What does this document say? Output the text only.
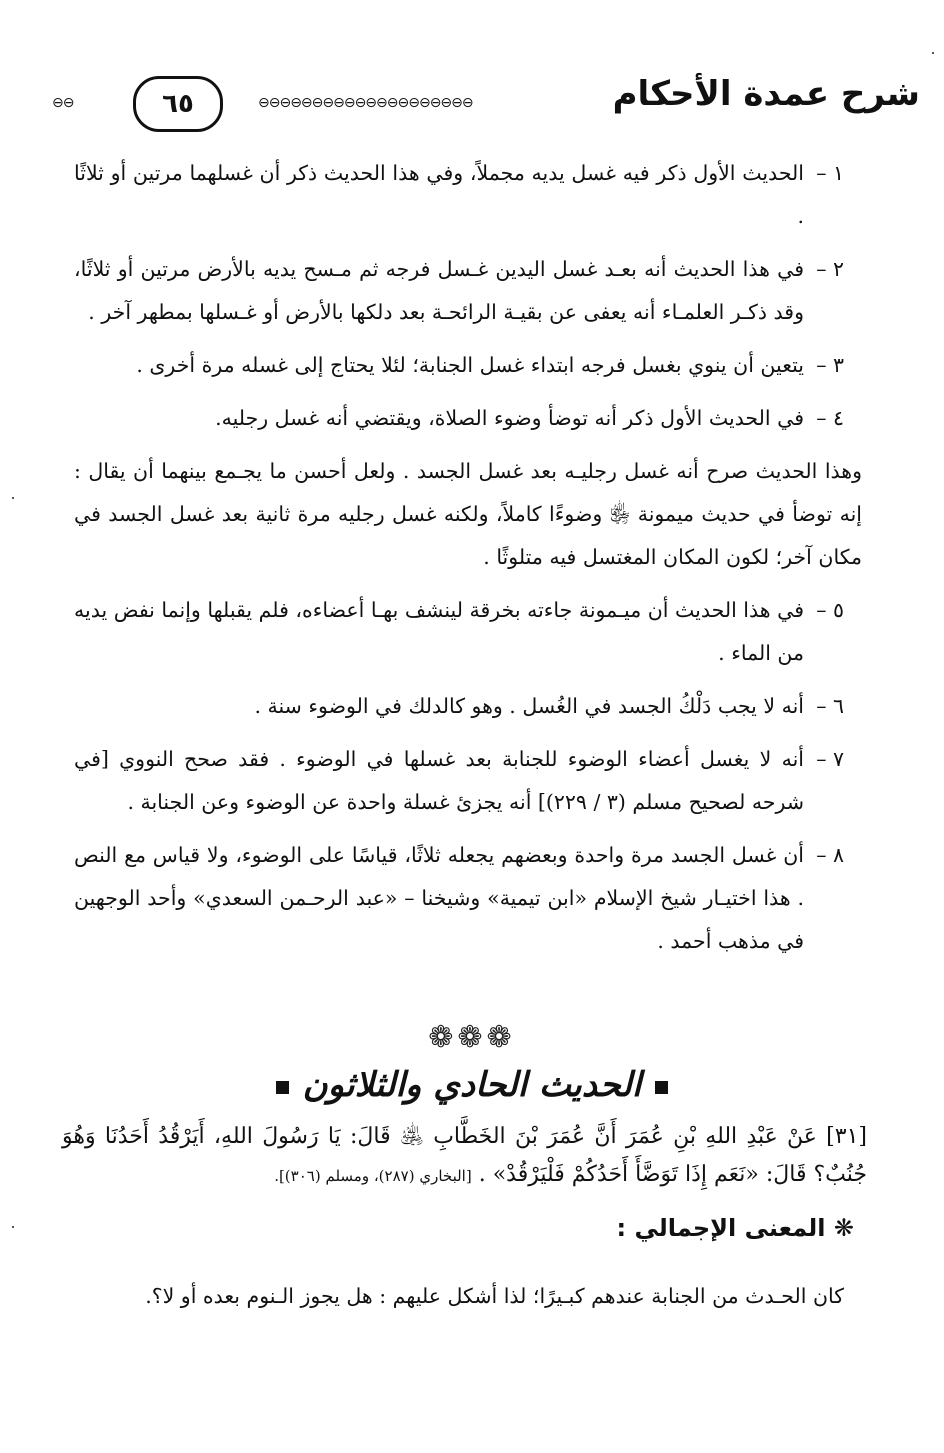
⊖⊖	٦٥	⊖⊖⊖⊖⊖⊖⊖⊖⊖⊖⊖⊖⊖⊖⊖⊖⊖⊖⊖⊖	شرح عمدة الأحكام
١ –
الحديث الأول ذكر فيه غسل يديه مجملاً، وفي هذا الحديث ذكر أن غسلهما مرتين أو ثلاثًا .
٢ –
في هذا الحديث أنه بعـد غسل اليدين غـسل فرجه ثم مـسح يديه بالأرض مرتين أو ثلاثًا، وقد ذكـر العلمـاء أنه يعفى عن بقيـة الرائحـة بعد دلكها بالأرض أو غـسلها بمطهر آخر .
٣ –
يتعين أن ينوي بغسل فرجه ابتداء غسل الجنابة؛ لئلا يحتاج إلى غسله مرة أخرى .
٤ –
في الحديث الأول ذكر أنه توضأ وضوء الصلاة، ويقتضي أنه غسل رجليه.
وهذا الحديث صرح أنه غسل رجليـه بعد غسل الجسد . ولعل أحسن ما يجـمع بينهما أن يقال : إنه توضأ في حديث ميمونة ﵂ وضوءًا كاملاً، ولكنه غسل رجليه مرة ثانية بعد غسل الجسد في مكان آخر؛ لكون المكان المغتسل فيه متلوثًا .
٥ –
في هذا الحديث أن ميـمونة جاءته بخرقة لينشف بهـا أعضاءه، فلم يقبلها وإنما نفض يديه من الماء .
٦ –
أنه لا يجب دَلْكُ الجسد في الغُسل . وهو كالدلك في الوضوء سنة .
٧ –
أنه لا يغسل أعضاء الوضوء للجنابة بعد غسلها في الوضوء . فقد صحح النووي [في شرحه لصحيح مسلم (٣ / ٢٢٩)] أنه يجزئ غسلة واحدة عن الوضوء وعن الجنابة .
٨ –
أن غسل الجسد مرة واحدة وبعضهم يجعله ثلاثًا، قياسًا على الوضوء، ولا قياس مع النص . هذا اختيـار شيخ الإسلام «ابن تيمية» وشيخنا – «عبد الرحـمن السعدي» وأحد الوجهين في مذهب أحمد .
❁❁❁
الحديث الحادي والثلاثون
[٣١] عَنْ عَبْدِ اللهِ بْنِ عُمَرَ أَنَّ عُمَرَ بْنَ الخَطَّابِ ﵁ قَالَ: يَا رَسُولَ اللهِ، أَيَرْقُدُ أَحَدُنَا وَهُوَ جُنُبٌ؟ قَالَ: «نَعَم إِذَا تَوَضَّأَ أَحَدُكُمْ فَلْيَرْقُدْ» . [البخاري (٢٨٧)، ومسلم (٣٠٦)].
❋ المعنى الإجمالي :
كان الحـدث من الجنابة عندهم كبـيرًا؛ لذا أشكل عليهم : هل يجوز الـنوم بعده أو لا؟.
